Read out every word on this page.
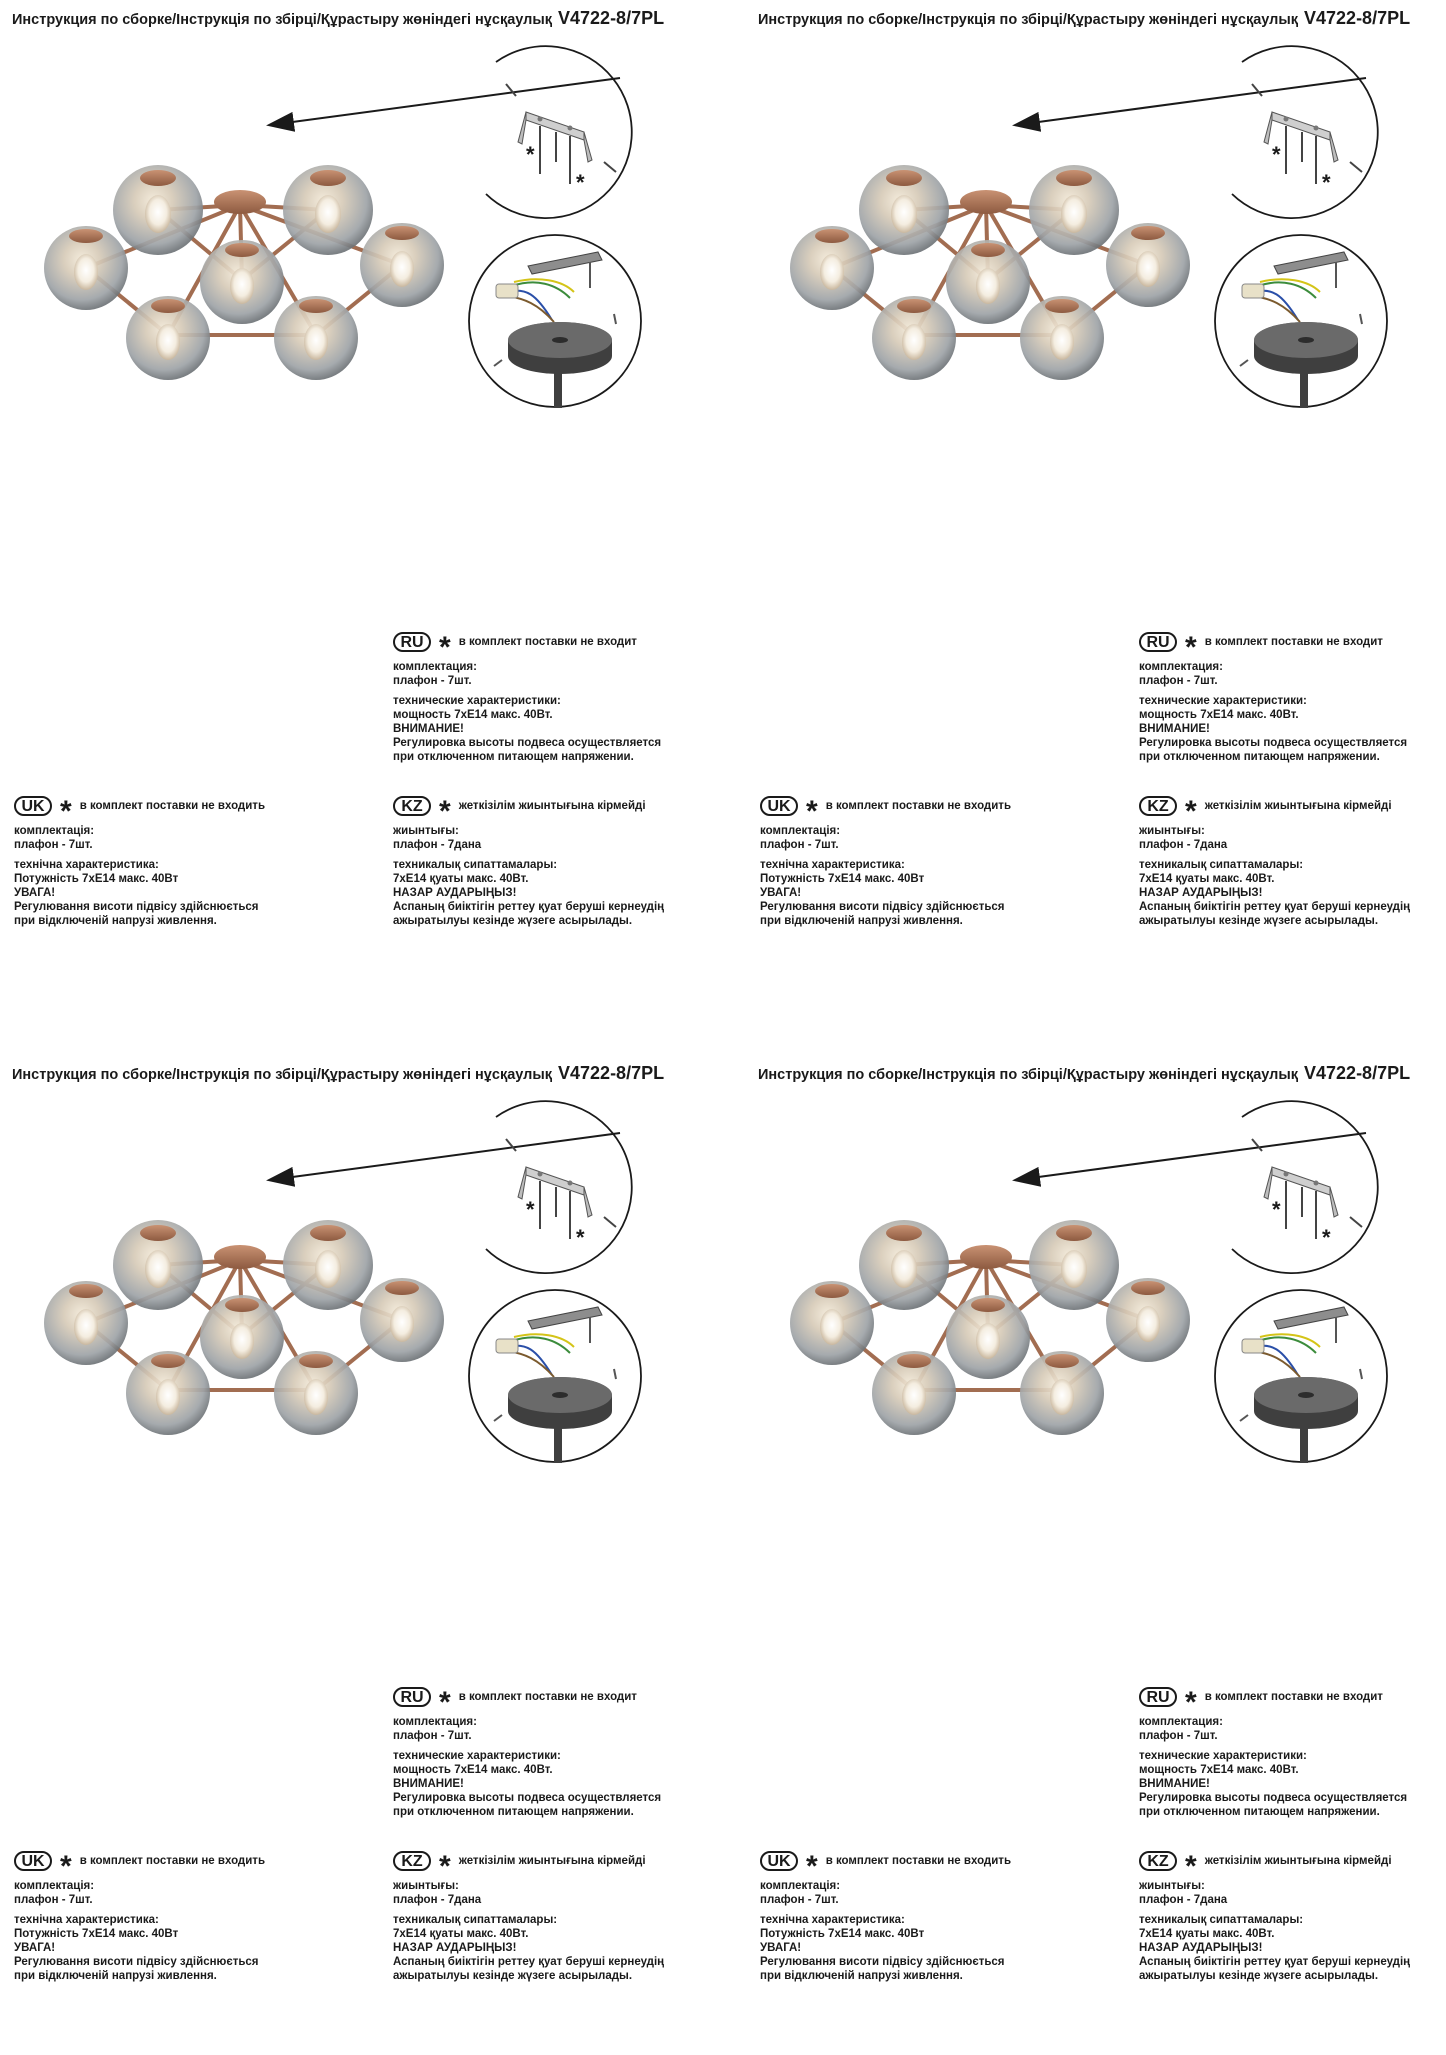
Инструкция по сборке/Інструкція по збірці/Құрастыру жөніндегі нұсқаулық V4722-8/7PL
*
*
RU * в комплект поставки не входит

комплектация:

плафон - 7шт.

технические характеристики:

мощность 7хЕ14 макс. 40Вт.

ВНИМАНИЕ!

Регулировка высоты подвеса осуществляется

при отключенном питающем напряжении.

UK * в комплект поставки не входить

комплектація:

плафон - 7шт.

технічна характеристика:

Потужність 7хЕ14 макс. 40Вт

УВАГА!

Регулювання висоти підвісу здійснюється

при відключеній напрузі живлення.

KZ * жеткізілім жиынтығына кірмейді

жиынтығы:

плафон - 7дана

техникалық сипаттамалары:

7хЕ14 қуаты макс. 40Вт.

НАЗАР АУДАРЫҢЫЗ!

Аспаның биіктігін реттеу қуат беруші кернеудің

ажыратылуы кезінде жүзеге асырылады.

Инструкция по сборке/Інструкція по збірці/Құрастыру жөніндегі нұсқаулық V4722-8/7PL
*
*
RU * в комплект поставки не входит

комплектация:

плафон - 7шт.

технические характеристики:

мощность 7хЕ14 макс. 40Вт.

ВНИМАНИЕ!

Регулировка высоты подвеса осуществляется

при отключенном питающем напряжении.

UK * в комплект поставки не входить

комплектація:

плафон - 7шт.

технічна характеристика:

Потужність 7хЕ14 макс. 40Вт

УВАГА!

Регулювання висоти підвісу здійснюється

при відключеній напрузі живлення.

KZ * жеткізілім жиынтығына кірмейді

жиынтығы:

плафон - 7дана

техникалық сипаттамалары:

7хЕ14 қуаты макс. 40Вт.

НАЗАР АУДАРЫҢЫЗ!

Аспаның биіктігін реттеу қуат беруші кернеудің

ажыратылуы кезінде жүзеге асырылады.

Инструкция по сборке/Інструкція по збірці/Құрастыру жөніндегі нұсқаулық V4722-8/7PL
*
*
RU * в комплект поставки не входит

комплектация:

плафон - 7шт.

технические характеристики:

мощность 7хЕ14 макс. 40Вт.

ВНИМАНИЕ!

Регулировка высоты подвеса осуществляется

при отключенном питающем напряжении.

UK * в комплект поставки не входить

комплектація:

плафон - 7шт.

технічна характеристика:

Потужність 7хЕ14 макс. 40Вт

УВАГА!

Регулювання висоти підвісу здійснюється

при відключеній напрузі живлення.

KZ * жеткізілім жиынтығына кірмейді

жиынтығы:

плафон - 7дана

техникалық сипаттамалары:

7хЕ14 қуаты макс. 40Вт.

НАЗАР АУДАРЫҢЫЗ!

Аспаның биіктігін реттеу қуат беруші кернеудің

ажыратылуы кезінде жүзеге асырылады.

Инструкция по сборке/Інструкція по збірці/Құрастыру жөніндегі нұсқаулық V4722-8/7PL
*
*
RU * в комплект поставки не входит

комплектация:

плафон - 7шт.

технические характеристики:

мощность 7хЕ14 макс. 40Вт.

ВНИМАНИЕ!

Регулировка высоты подвеса осуществляется

при отключенном питающем напряжении.

UK * в комплект поставки не входить

комплектація:

плафон - 7шт.

технічна характеристика:

Потужність 7хЕ14 макс. 40Вт

УВАГА!

Регулювання висоти підвісу здійснюється

при відключеній напрузі живлення.

KZ * жеткізілім жиынтығына кірмейді

жиынтығы:

плафон - 7дана

техникалық сипаттамалары:

7хЕ14 қуаты макс. 40Вт.

НАЗАР АУДАРЫҢЫЗ!

Аспаның биіктігін реттеу қуат беруші кернеудің

ажыратылуы кезінде жүзеге асырылады.
